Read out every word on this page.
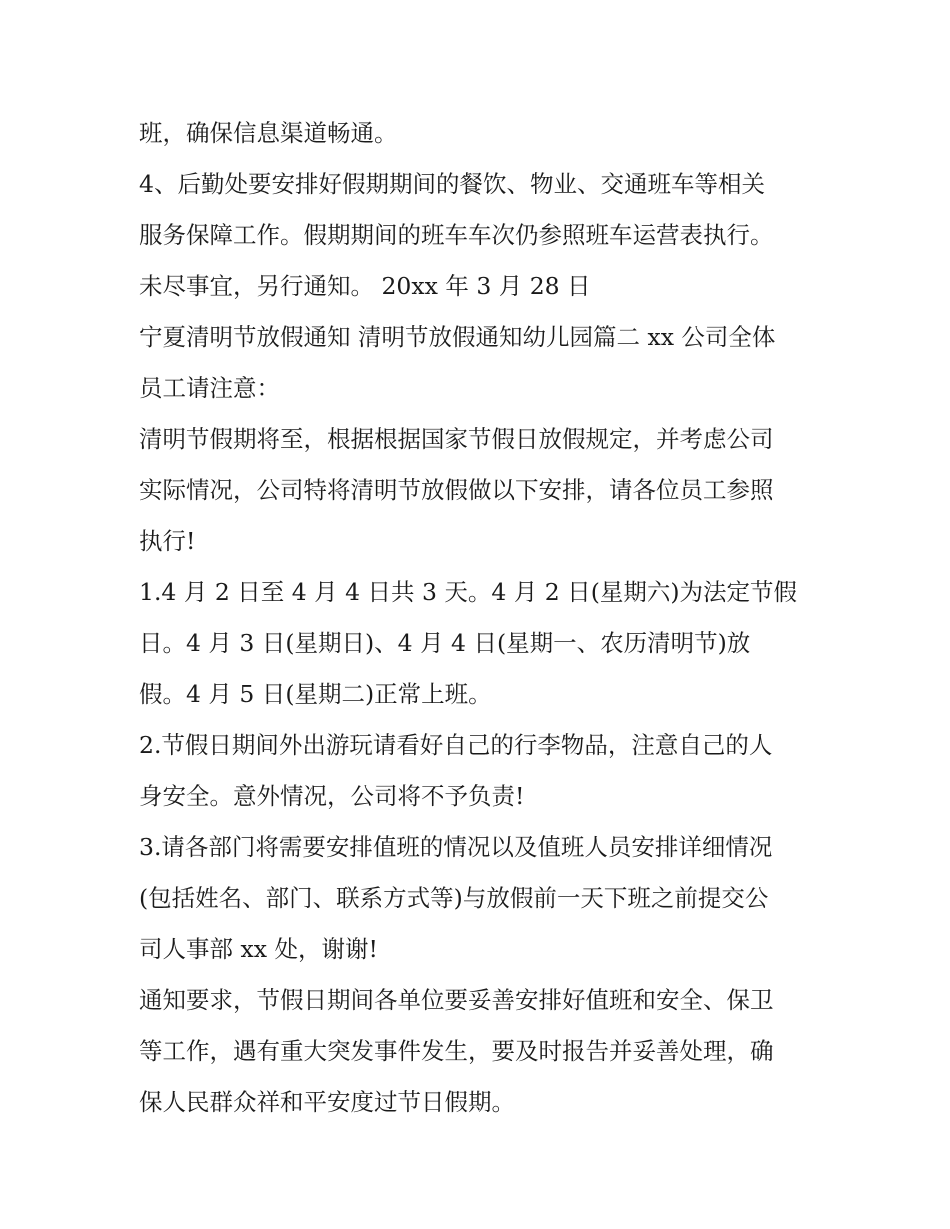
班，确保信息渠道畅通。
4、后勤处要安排好假期期间的餐饮、物业、交通班车等相关
服务保障工作。假期期间的班车车次仍参照班车运营表执行。
未尽事宜，另行通知。 20xx 年 3 月 28 日
宁夏清明节放假通知 清明节放假通知幼儿园篇二 xx 公司全体
员工请注意：
清明节假期将至，根据根据国家节假日放假规定，并考虑公司
实际情况，公司特将清明节放假做以下安排，请各位员工参照
执行!
1.4 月 2 日至 4 月 4 日共 3 天。4 月 2 日(星期六)为法定节假
日。4 月 3 日(星期日)、4 月 4 日(星期一、农历清明节)放
假。4 月 5 日(星期二)正常上班。
2.节假日期间外出游玩请看好自己的行李物品，注意自己的人
身安全。意外情况，公司将不予负责!
3.请各部门将需要安排值班的情况以及值班人员安排详细情况
(包括姓名、部门、联系方式等)与放假前一天下班之前提交公
司人事部 xx 处，谢谢!
通知要求，节假日期间各单位要妥善安排好值班和安全、保卫
等工作，遇有重大突发事件发生，要及时报告并妥善处理，确
保人民群众祥和平安度过节日假期。
